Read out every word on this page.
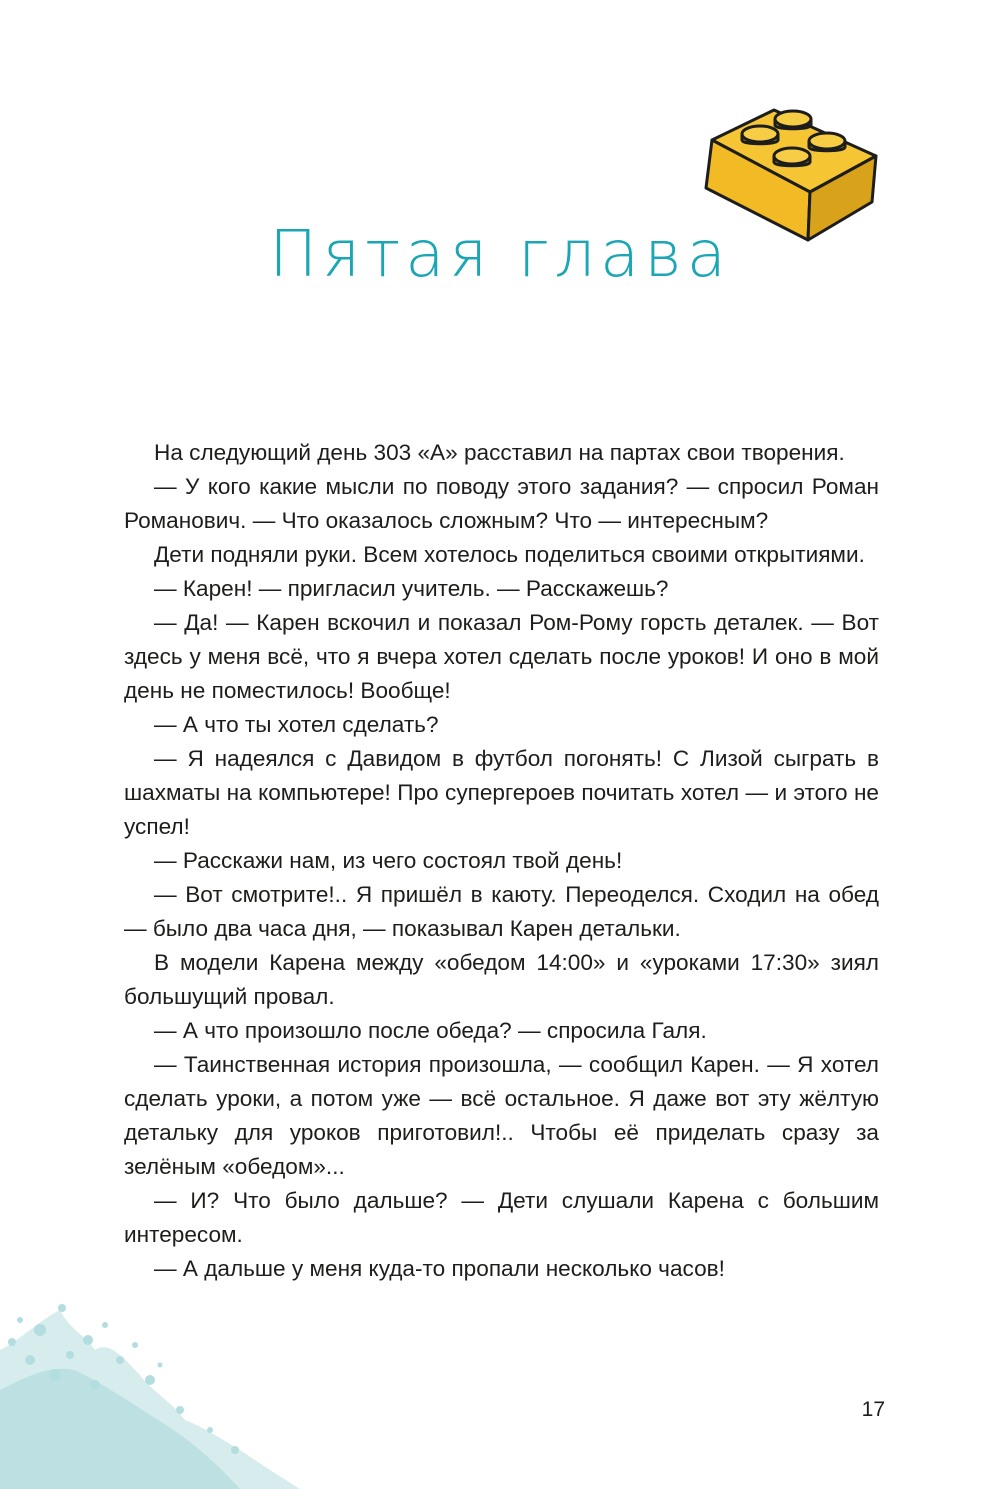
Пятая глава

На следующий день 303 «А» расставил на партах свои творения.

— У кого какие мысли по поводу этого задания? — спросил Роман Романович. — Что оказалось сложным? Что — интересным?

Дети подняли руки. Всем хотелось поделиться своими открытиями.

— Карен! — пригласил учитель. — Расскажешь?

— Да! — Карен вскочил и показал Ром-Рому горсть деталек. — Вот здесь у меня всё, что я вчера хотел сделать после уроков! И оно в мой день не поместилось! Вообще!

— А что ты хотел сделать?

— Я надеялся с Давидом в футбол погонять! С Лизой сыграть в шахматы на компьютере! Про супергероев почитать хотел — и этого не успел!

— Расскажи нам, из чего состоял твой день!

— Вот смотрите!.. Я пришёл в каюту. Переоделся. Сходил на обед — было два часа дня, — показывал Карен детальки.

В модели Карена между «обедом 14:00» и «уроками 17:30» зиял большущий провал.

— А что произошло после обеда? — спросила Галя.

— Таинственная история произошла, — сообщил Карен. — Я хотел сделать уроки, а потом уже — всё остальное. Я даже вот эту жёлтую детальку для уроков приготовил!.. Чтобы её приделать сразу за зелёным «обедом»...

— И? Что было дальше? — Дети слушали Карена с большим интересом.

— А дальше у меня куда-то пропали несколько часов!

17
